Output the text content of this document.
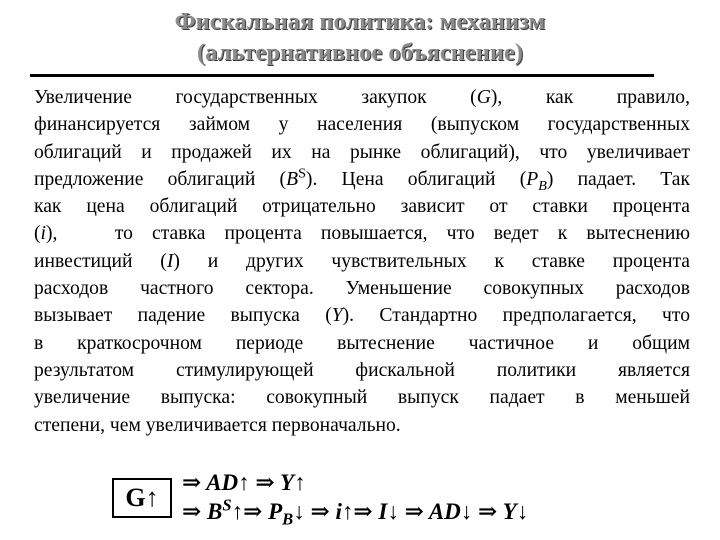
Фискальная политика: механизм
(альтернативное объяснение)
Увеличение государственных закупок (G), как правило,
финансируется займом у населения (выпуском государственных
облигаций и продажей их на рынке облигаций), что увеличивает
предложение облигаций $(B^S)$. Цена облигаций $(P_B)$ падает. Так
как цена облигаций отрицательно зависит от ставки процента
(i),   то ставка процента повышается, что ведет к вытеснению
инвестиций (I) и других чувствительных к ставке процента
расходов частного сектора. Уменьшение совокупных расходов
вызывает падение выпуска (Y). Стандартно предполагается, что
в краткосрочном периоде вытеснение частичное и общим
результатом стимулирующей фискальной политики является
увеличение выпуска: совокупный выпуск падает в меньшей
степени, чем увеличивается первоначально.
G↑
⇒ AD↑ ⇒ Y↑
⇒ $B^S↑\Rightarrow$ $P_B↓$ ⇒ i↑⇒ I↓ ⇒ AD↓ ⇒ Y↓
